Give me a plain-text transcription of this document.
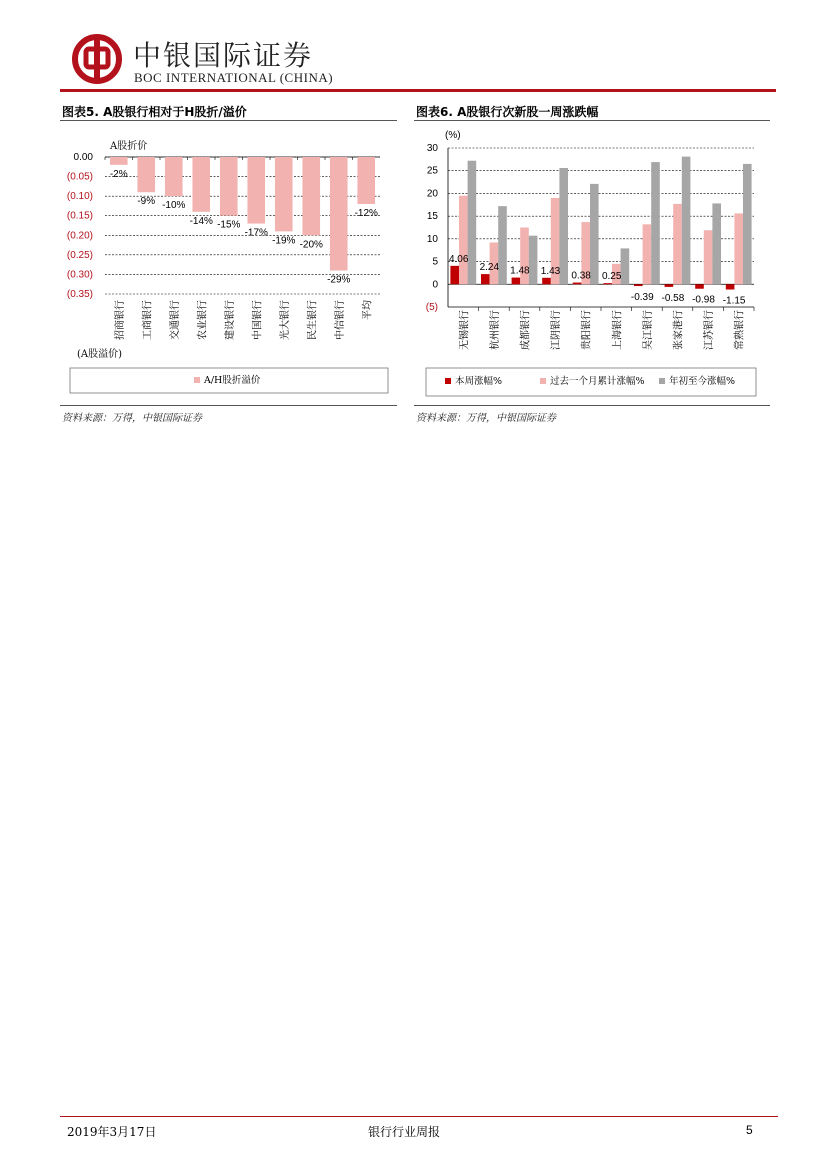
中银国际证券
BOC INTERNATIONAL (CHINA)
图表5. A股银行相对于H股折/溢价	图表6. A股银行次新股一周涨跌幅
A股折价
0.00
(0.05)
(0.10)
(0.15)
(0.20)
(0.25)
(0.30)
(0.35)
-2%
-9% -10%
-14% -15%
-17%
-19% -20%
-29%
-12%
招商银行 工商银行 交通银行 农业银行 建设银行 中国银行 光大银行 民生银行 中信银行 平均
(A股溢价)
A/H股折溢价
(%)
30
25
20
15
10
5
0
(5)
4.06
2.24 1.48 1.43 0.38 0.25
-0.39 -0.58 -0.98 -1.15
无锡银行 杭州银行 成都银行 江阴银行 贵阳银行 上海银行 吴江银行 张家港行 江苏银行 常熟银行
本周涨幅%	过去一个月累计涨幅%	年初至今涨幅%
资料来源：万得，中银国际证券	资料来源：万得，中银国际证券
2019年3月17日	银行行业周报	5
